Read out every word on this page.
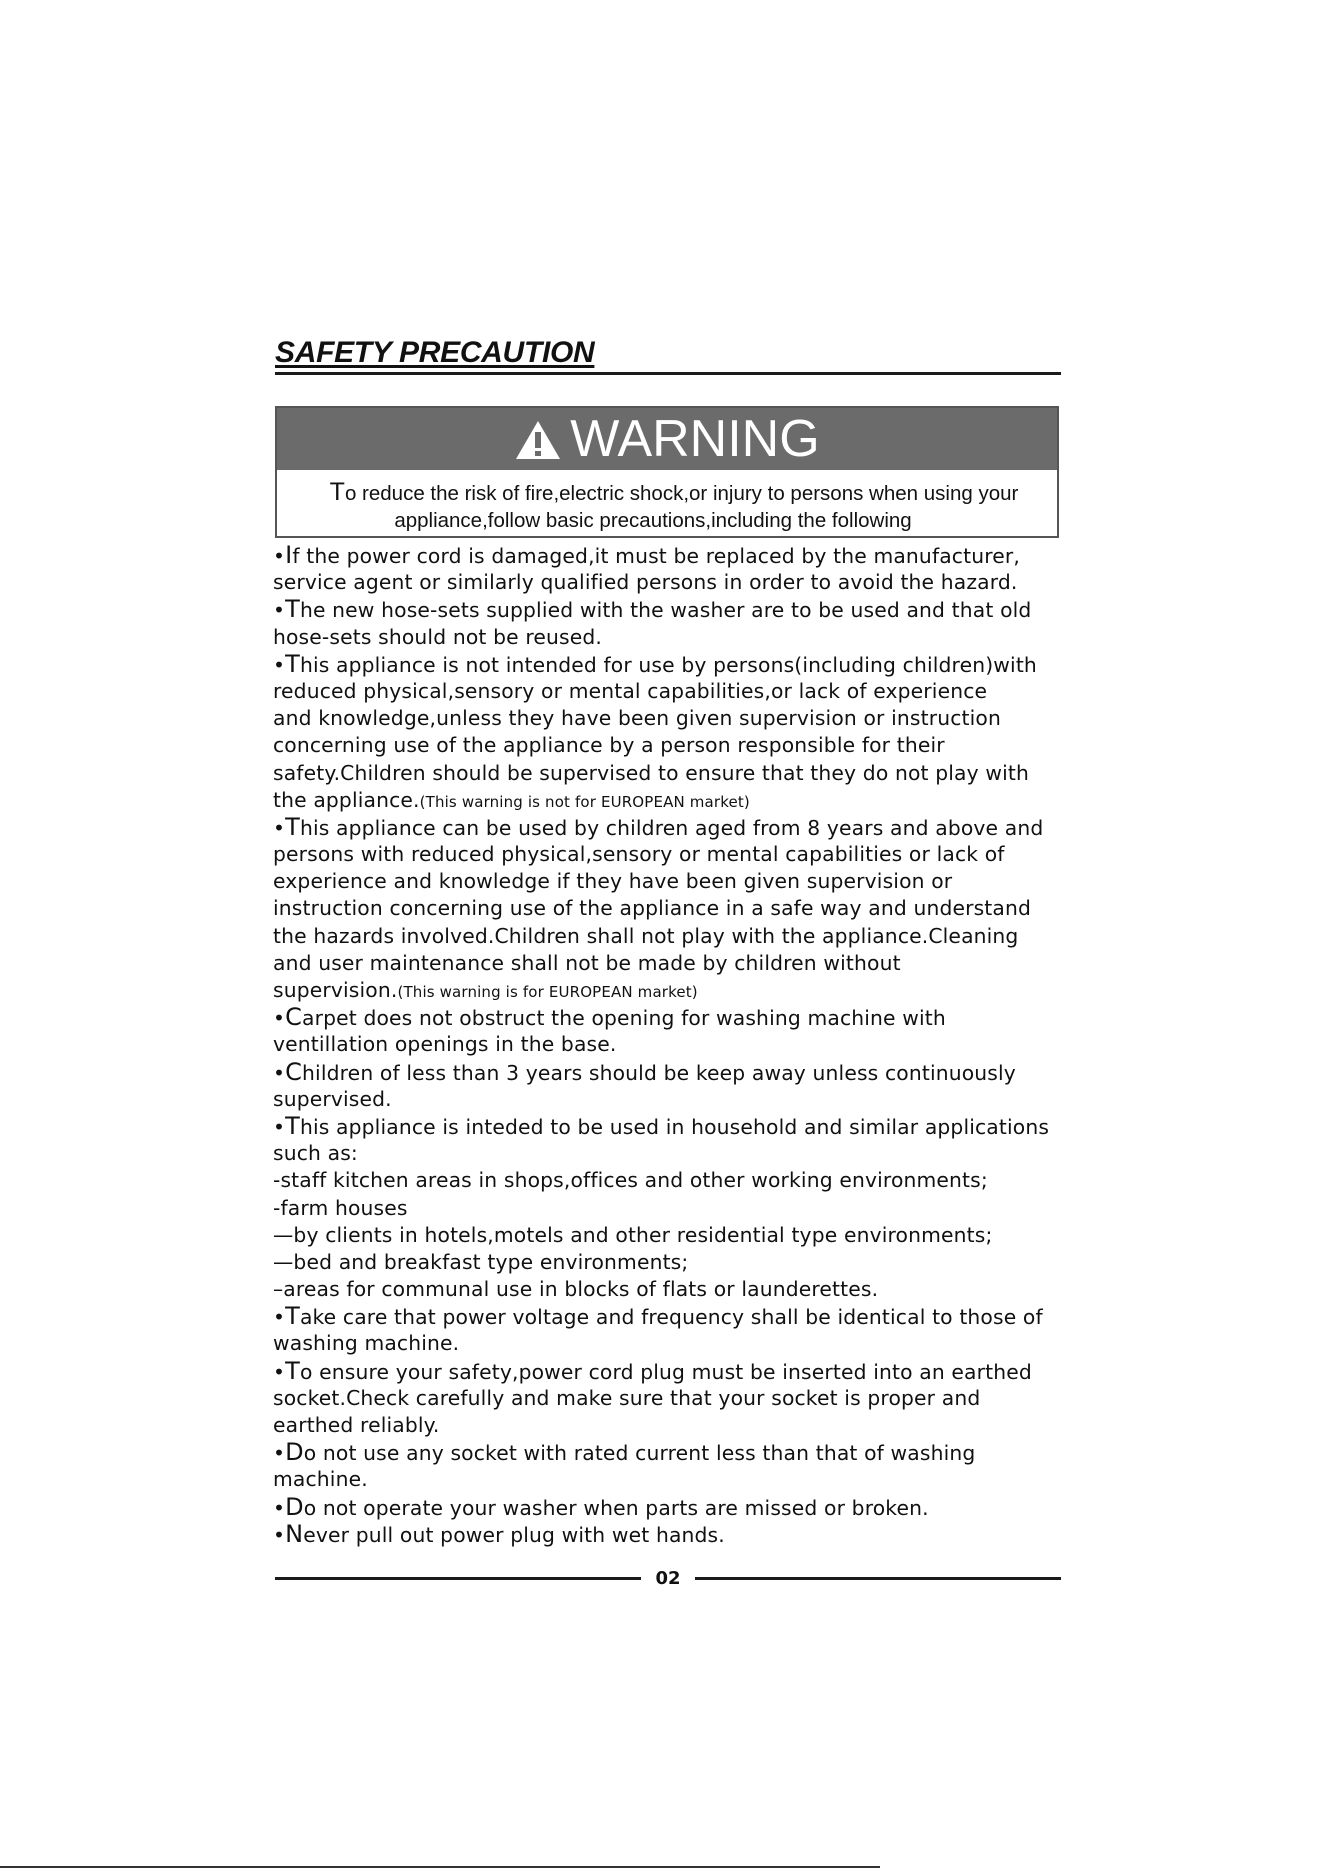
SAFETY PRECAUTION
WARNING
To reduce the risk of fire,electric shock,or injury to persons when using your
appliance,follow basic precautions,including the following
•If the power cord is damaged,it must be replaced by the manufacturer,
service agent or similarly qualified persons in order to avoid the hazard.
•The new hose-sets supplied with the washer are to be used and that old
hose-sets should not be reused.
•This appliance is not intended for use by persons(including children)with
reduced physical,sensory or mental capabilities,or lack of experience
and knowledge,unless they have been given supervision or instruction
concerning use of the appliance by a person responsible for their
safety.Children should be supervised to ensure that they do not play with
the appliance.(This warning is not for EUROPEAN market)
•This appliance can be used by children aged from 8 years and above and
persons with reduced physical,sensory or mental capabilities or lack of
experience and knowledge if they have been given supervision or
instruction concerning use of the appliance in a safe way and understand
the hazards involved.Children shall not play with the appliance.Cleaning
and user maintenance shall not be made by children without
supervision.(This warning is for EUROPEAN market)
•Carpet does not obstruct the opening for washing machine with
ventillation openings in the base.
•Children of less than 3 years should be keep away unless continuously
supervised.
•This appliance is inteded to be used in household and similar applications
such as:
-staff kitchen areas in shops,offices and other working environments;
-farm houses
—by clients in hotels,motels and other residential type environments;
—bed and breakfast type environments;
–areas for communal use in blocks of flats or launderettes.
•Take care that power voltage and frequency shall be identical to those of
washing machine.
•To ensure your safety,power cord plug must be inserted into an earthed
socket.Check carefully and make sure that your socket is proper and
earthed reliably.
•Do not use any socket with rated current less than that of washing
machine.
•Do not operate your washer when parts are missed or broken.
•Never pull out power plug with wet hands.
02
